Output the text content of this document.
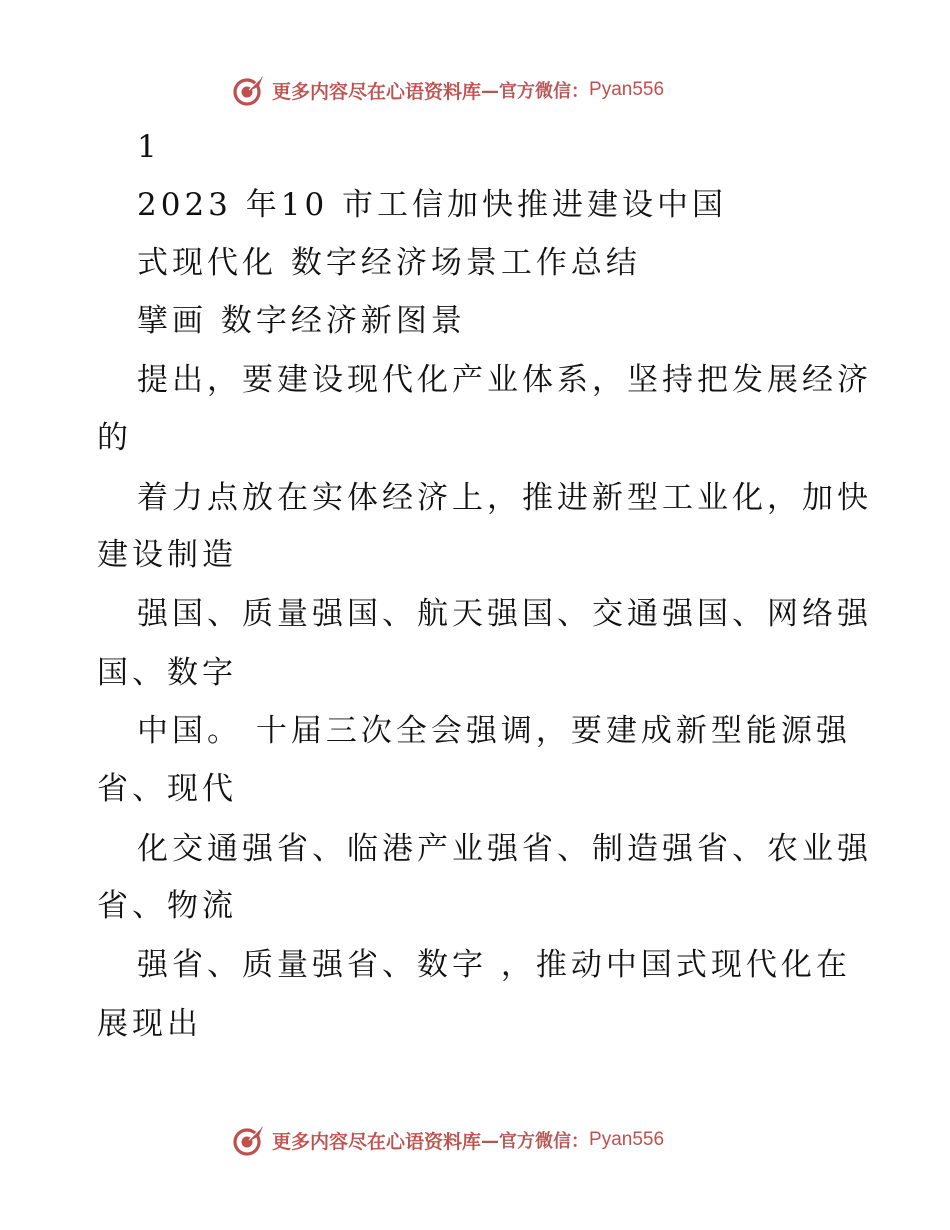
更多内容尽在心语资料库 —官方微信： Pyan556
1
2023 年10 市工信加快推进建设中国
式现代化 数字经济场景工作总结
擘画 数字经济新图景
提出，要建设现代化产业体系，坚持把发展经济
的
着力点放在实体经济上，推进新型工业化，加快
建设制造
强国、质量强国、航天强国、交通强国、网络强
国、数字
中国。 十届三次全会强调，要建成新型能源强
省、现代
化交通强省、临港产业强省、制造强省、农业强
省、物流
强省、质量强省、数字 ，推动中国式现代化在
展现出
更多内容尽在心语资料库 —官方微信： Pyan556
